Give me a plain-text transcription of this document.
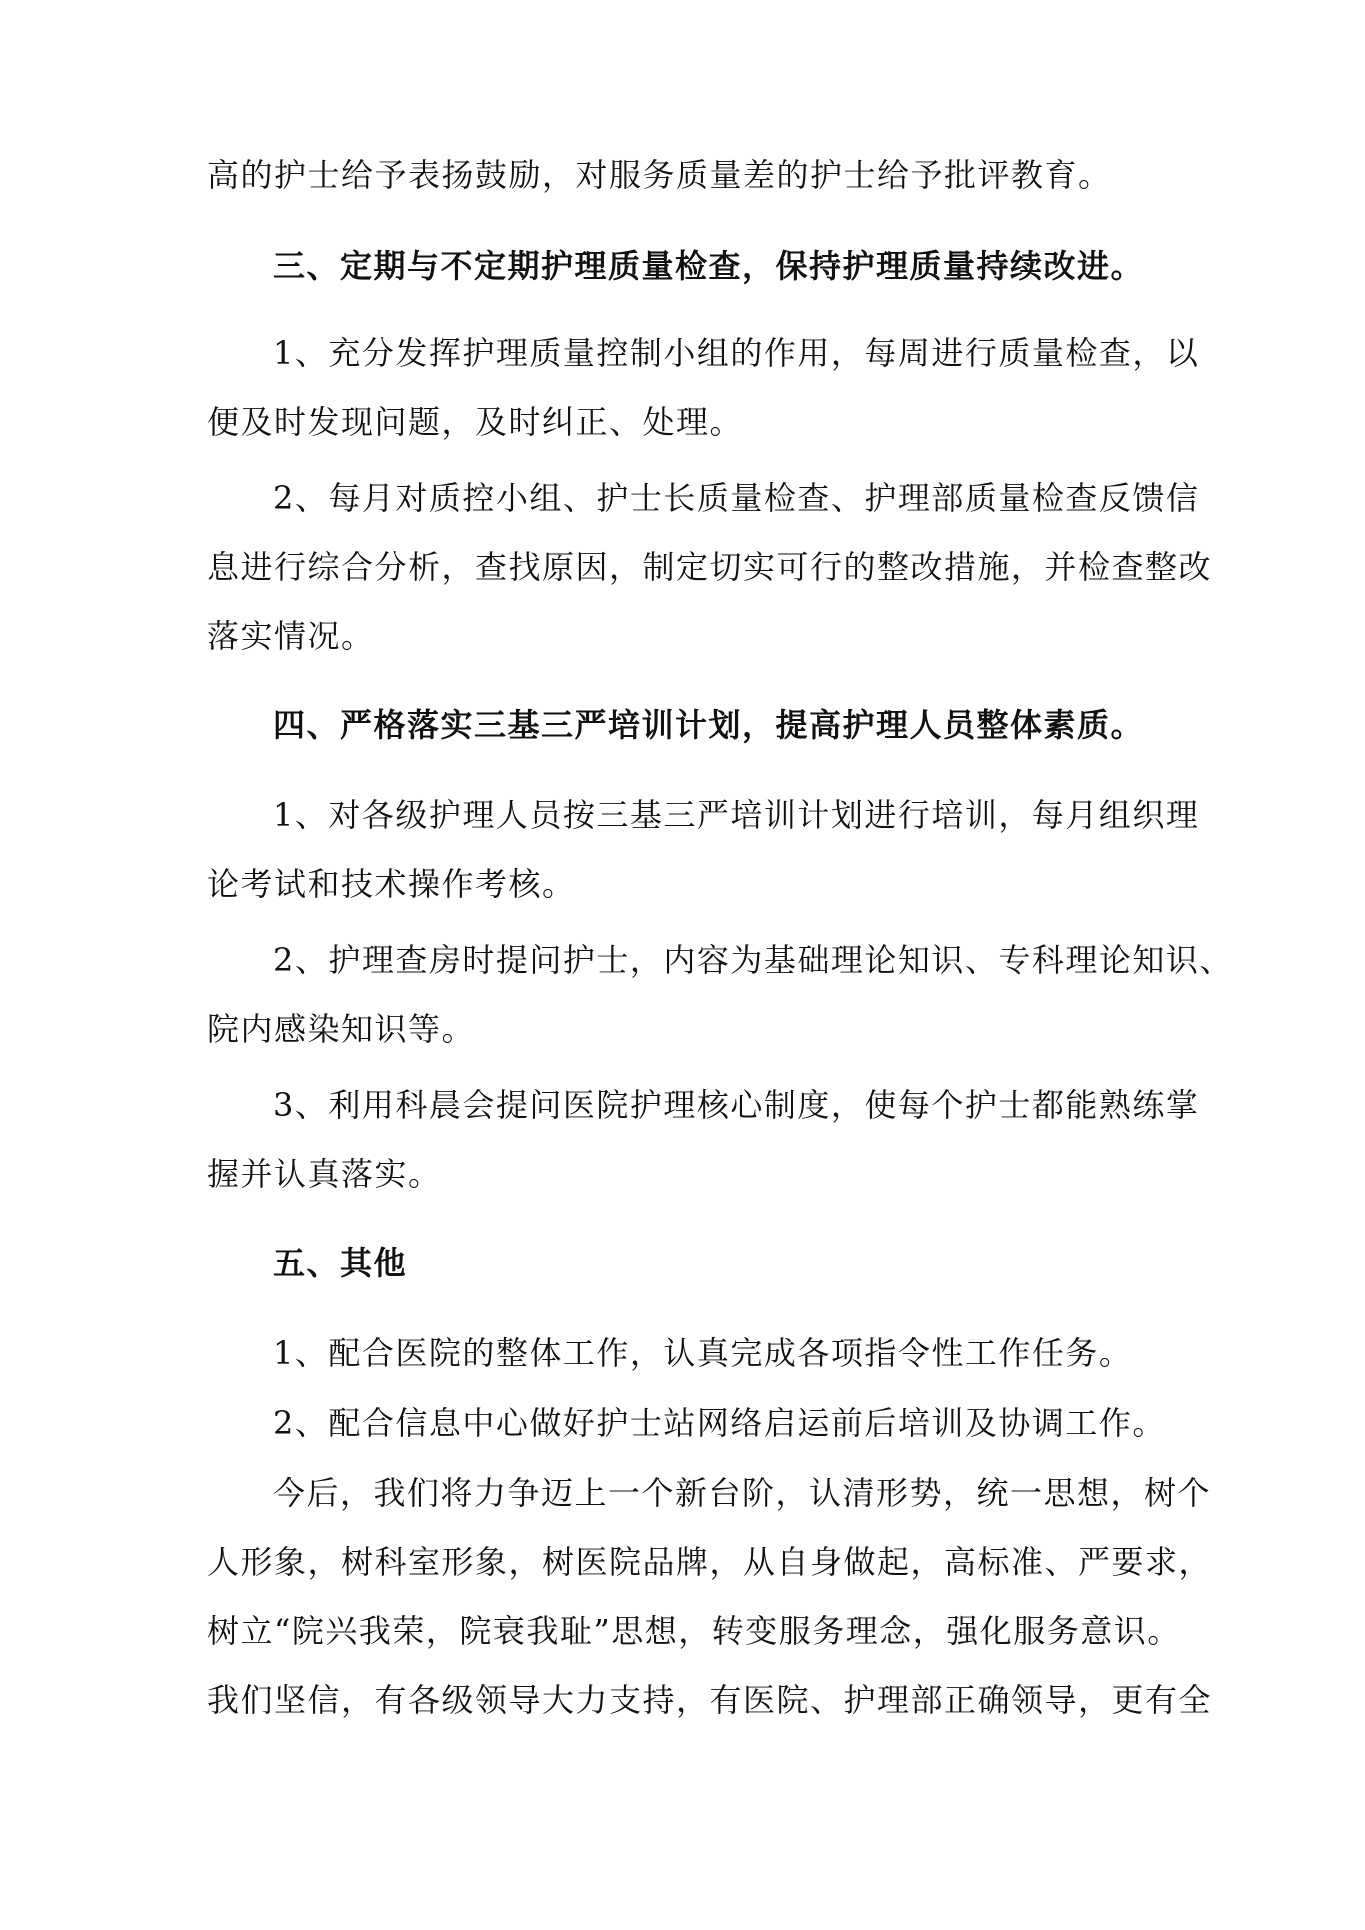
高的护士给予表扬鼓励，对服务质量差的护士给予批评教育。
三、定期与不定期护理质量检查，保持护理质量持续改进。
1、充分发挥护理质量控制小组的作用，每周进行质量检查，以
便及时发现问题，及时纠正、处理。
2、每月对质控小组、护士长质量检查、护理部质量检查反馈信
息进行综合分析，查找原因，制定切实可行的整改措施，并检查整改
落实情况。
四、严格落实三基三严培训计划，提高护理人员整体素质。
1、对各级护理人员按三基三严培训计划进行培训，每月组织理
论考试和技术操作考核。
2、护理查房时提问护士，内容为基础理论知识、专科理论知识、
院内感染知识等。
3、利用科晨会提问医院护理核心制度，使每个护士都能熟练掌
握并认真落实。
五、其他
1、配合医院的整体工作，认真完成各项指令性工作任务。
2、配合信息中心做好护士站网络启运前后培训及协调工作。
今后，我们将力争迈上一个新台阶，认清形势，统一思想，树个
人形象，树科室形象，树医院品牌，从自身做起，高标准、严要求，
树立“院兴我荣，院衰我耻”思想，转变服务理念，强化服务意识。
我们坚信，有各级领导大力支持，有医院、护理部正确领导，更有全
